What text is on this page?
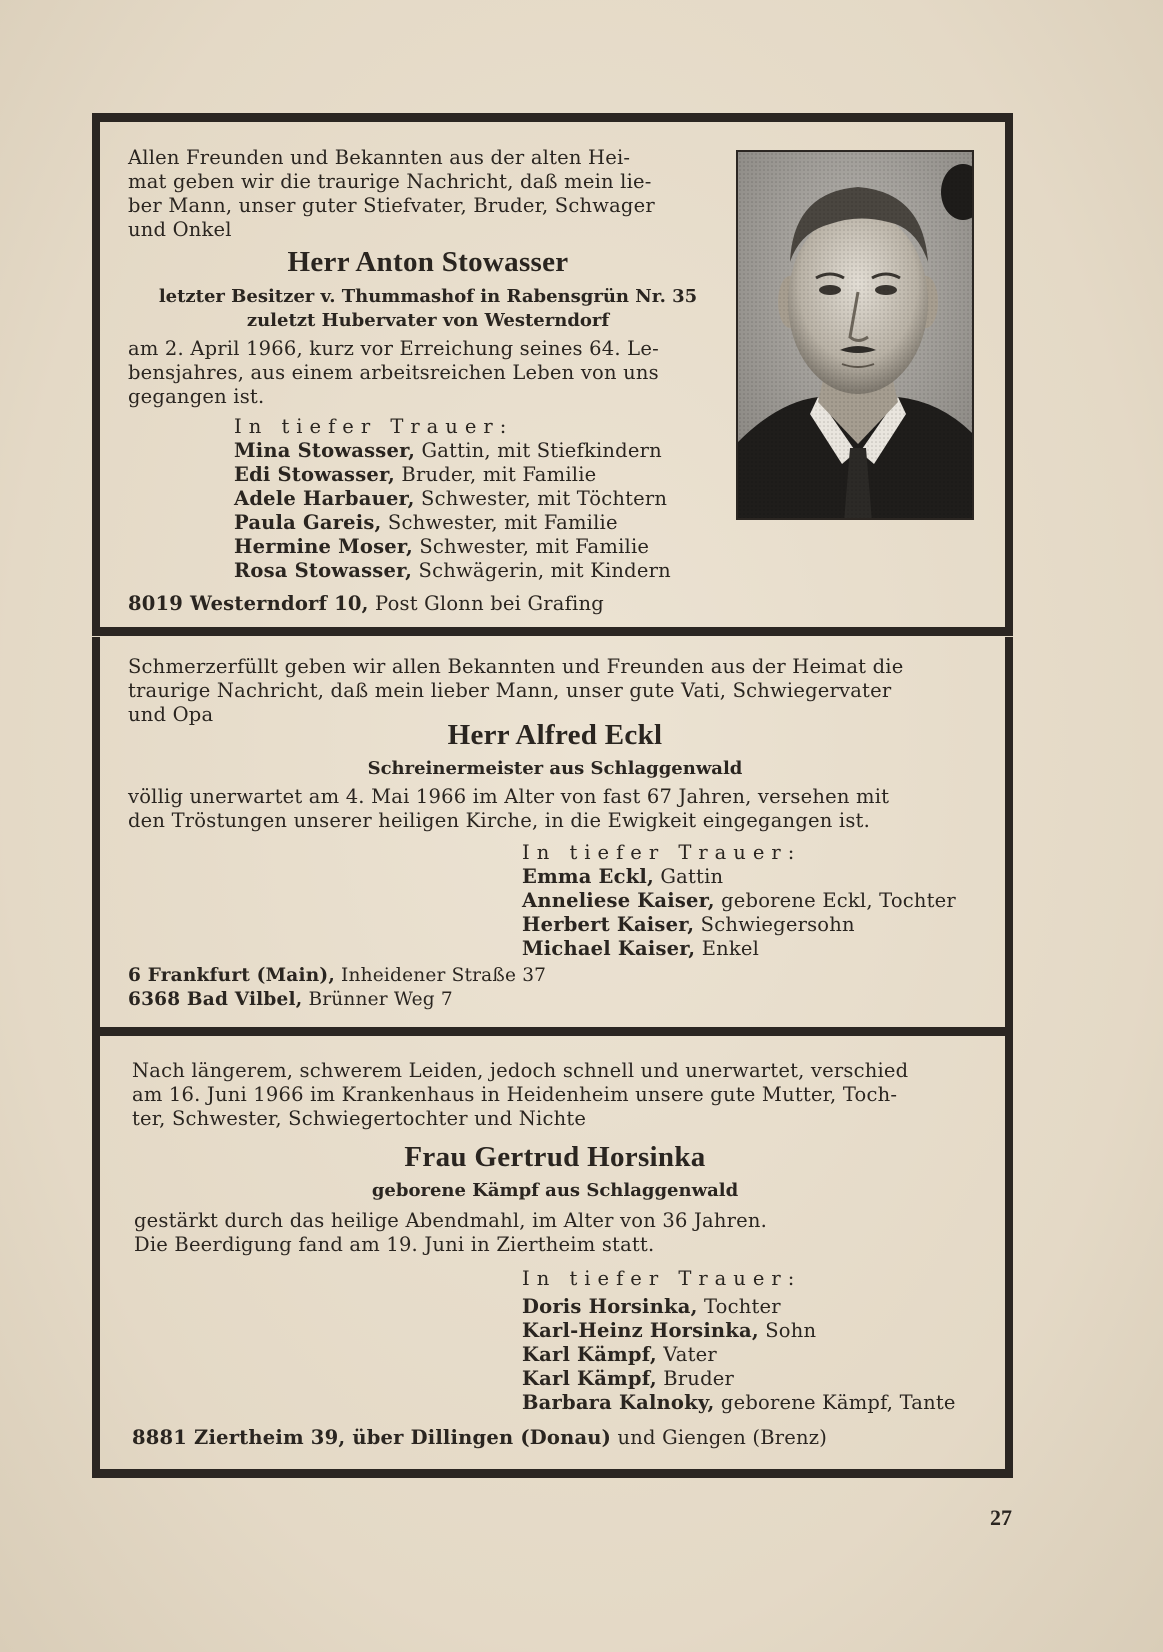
Allen Freunden und Bekannten aus der alten Hei-
mat geben wir die traurige Nachricht, daß mein lie-
ber Mann, unser guter Stiefvater, Bruder, Schwager
und Onkel
Herr Anton Stowasser
letzter Besitzer v. Thummashof in Rabensgrün Nr. 35
zuletzt Hubervater von Westerndorf
am 2. April 1966, kurz vor Erreichung seines 64. Le-
bensjahres, aus einem arbeitsreichen Leben von uns
gegangen ist.
In tiefer Trauer:
Mina Stowasser, Gattin, mit Stiefkindern
Edi Stowasser, Bruder, mit Familie
Adele Harbauer, Schwester, mit Töchtern
Paula Gareis, Schwester, mit Familie
Hermine Moser, Schwester, mit Familie
Rosa Stowasser, Schwägerin, mit Kindern
8019 Westerndorf 10, Post Glonn bei Grafing
Schmerzerfüllt geben wir allen Bekannten und Freunden aus der Heimat die
traurige Nachricht, daß mein lieber Mann, unser gute Vati, Schwiegervater
und Opa
Herr Alfred Eckl
Schreinermeister aus Schlaggenwald
völlig unerwartet am 4. Mai 1966 im Alter von fast 67 Jahren, versehen mit
den Tröstungen unserer heiligen Kirche, in die Ewigkeit eingegangen ist.
In tiefer Trauer:
Emma Eckl, Gattin
Anneliese Kaiser, geborene Eckl, Tochter
Herbert Kaiser, Schwiegersohn
Michael Kaiser, Enkel
6 Frankfurt (Main), Inheidener Straße 37
6368 Bad Vilbel, Brünner Weg 7
Nach längerem, schwerem Leiden, jedoch schnell und unerwartet, verschied
am 16. Juni 1966 im Krankenhaus in Heidenheim unsere gute Mutter, Toch-
ter, Schwester, Schwiegertochter und Nichte
Frau Gertrud Horsinka
geborene Kämpf aus Schlaggenwald
gestärkt durch das heilige Abendmahl, im Alter von 36 Jahren.
Die Beerdigung fand am 19. Juni in Ziertheim statt.
In tiefer Trauer:
Doris Horsinka, Tochter
Karl-Heinz Horsinka, Sohn
Karl Kämpf, Vater
Karl Kämpf, Bruder
Barbara Kalnoky, geborene Kämpf, Tante
8881 Ziertheim 39, über Dillingen (Donau) und Giengen (Brenz)
27
